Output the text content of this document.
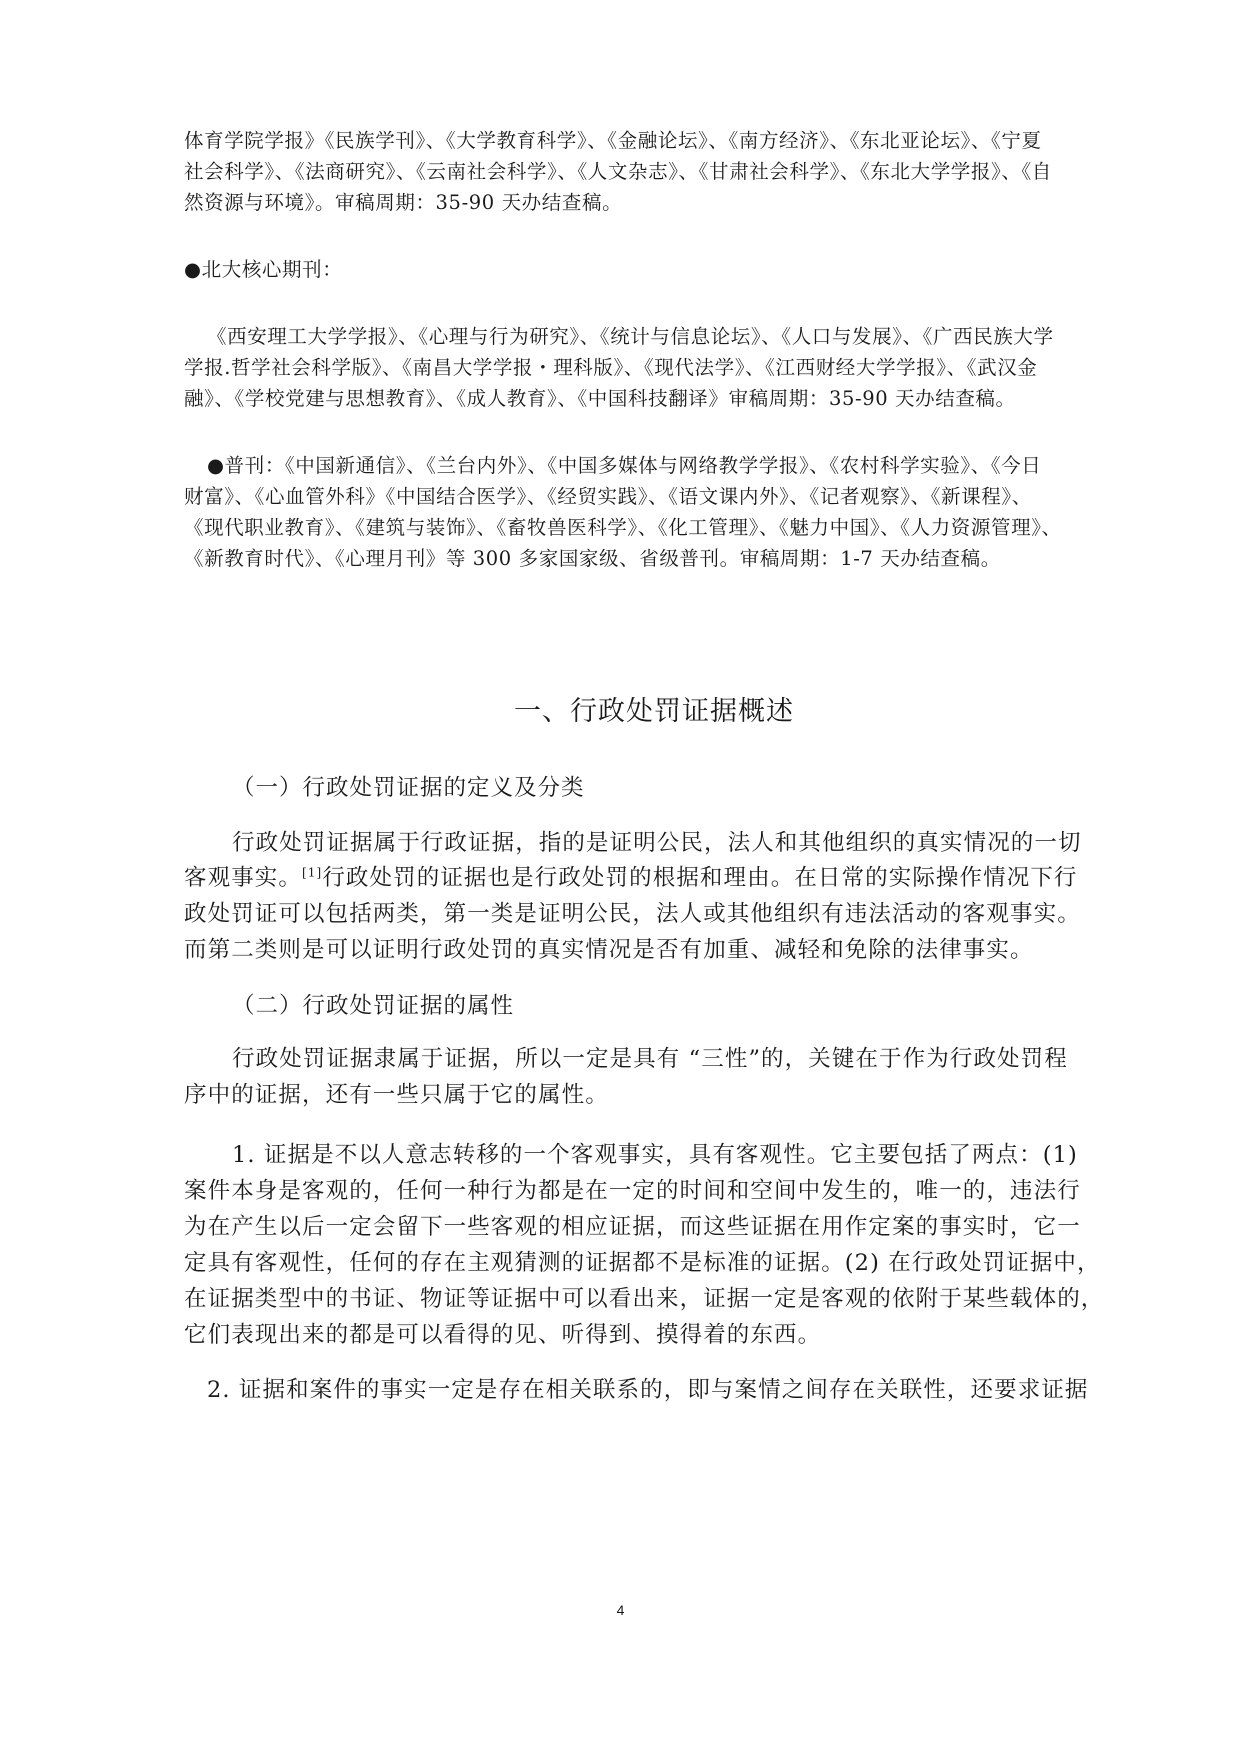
体育学院学报》《民族学刊》、《大学教育科学》、《金融论坛》、《南方经济》、《东北亚论坛》、《宁夏
社会科学》、《法商研究》、《云南社会科学》、《人文杂志》、《甘肃社会科学》、《东北大学学报》、《自
然资源与环境》。审稿周期：35-90 天办结查稿。
●北大核心期刊：
《西安理工大学学报》、《心理与行为研究》、《统计与信息论坛》、《人口与发展》、《广西民族大学
学报.哲学社会科学版》、《南昌大学学报・理科版》、《现代法学》、《江西财经大学学报》、《武汉金
融》、《学校党建与思想教育》、《成人教育》、《中国科技翻译》审稿周期：35-90 天办结查稿。
●普刊：《中国新通信》、《兰台内外》、《中国多媒体与网络教学学报》、《农村科学实验》、《今日
财富》、《心血管外科》《中国结合医学》、《经贸实践》、《语文课内外》、《记者观察》、《新课程》、
《现代职业教育》、《建筑与装饰》、《畜牧兽医科学》、《化工管理》、《魅力中国》、《人力资源管理》、
《新教育时代》、《心理月刊》等 300 多家国家级、省级普刊。审稿周期：1-7 天办结查稿。
一、行政处罚证据概述
（一）行政处罚证据的定义及分类
行政处罚证据属于行政证据，指的是证明公民，法人和其他组织的真实情况的一切
客观事实。[1]行政处罚的证据也是行政处罚的根据和理由。在日常的实际操作情况下行
政处罚证可以包括两类，第一类是证明公民，法人或其他组织有违法活动的客观事实。
而第二类则是可以证明行政处罚的真实情况是否有加重、减轻和免除的法律事实。
（二）行政处罚证据的属性
行政处罚证据隶属于证据，所以一定是具有 “三性”的，关键在于作为行政处罚程
序中的证据，还有一些只属于它的属性。
1. 证据是不以人意志转移的一个客观事实，具有客观性。它主要包括了两点：(1)
案件本身是客观的，任何一种行为都是在一定的时间和空间中发生的，唯一的，违法行
为在产生以后一定会留下一些客观的相应证据，而这些证据在用作定案的事实时，它一
定具有客观性，任何的存在主观猜测的证据都不是标准的证据。(2) 在行政处罚证据中，
在证据类型中的书证、物证等证据中可以看出来，证据一定是客观的依附于某些载体的，
它们表现出来的都是可以看得的见、听得到、摸得着的东西。
2. 证据和案件的事实一定是存在相关联系的，即与案情之间存在关联性，还要求证据
4
